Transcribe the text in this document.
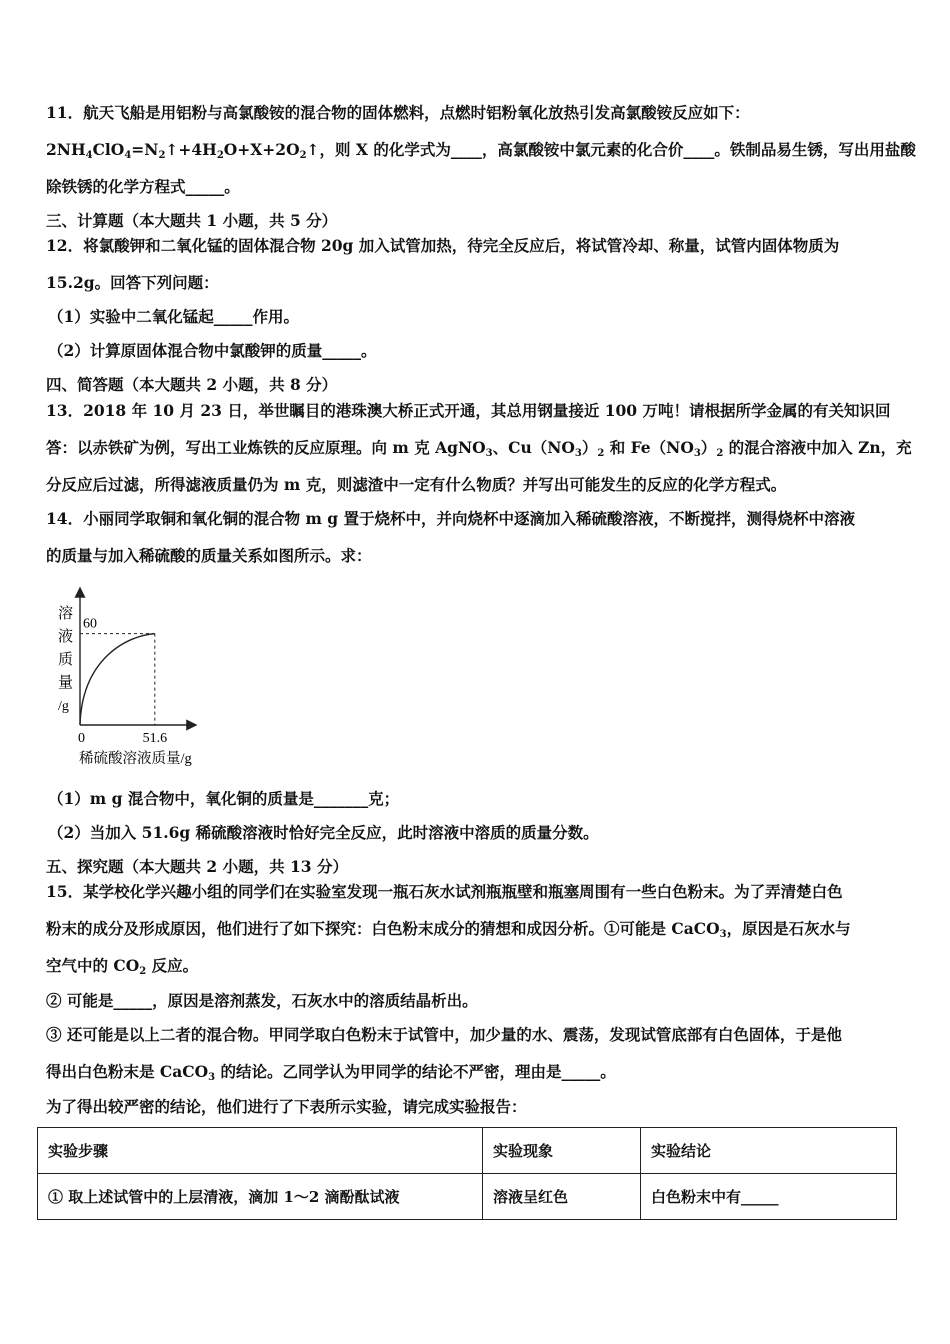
11．航天飞船是用铝粉与高氯酸铵的混合物的固体燃料，点燃时铝粉氧化放热引发高氯酸铵反应如下：
$2NH_4ClO_4=N_2↑+4H_2O+X+2O_2↑$，则 X 的化学式为____，高氯酸铵中氯元素的化合价____。铁制品易生锈，写出用盐酸
除铁锈的化学方程式_____。
三、计算题（本大题共 1 小题，共 5 分）
12．将氯酸钾和二氧化锰的固体混合物 20g 加入试管加热，待完全反应后，将试管冷却、称量，试管内固体物质为
15.2g。回答下列问题：
（1）实验中二氧化锰起_____作用。
（2）计算原固体混合物中氯酸钾的质量_____。
四、简答题（本大题共 2 小题，共 8 分）
13．2018 年 10 月 23 日，举世瞩目的港珠澳大桥正式开通，其总用钢量接近 100 万吨！请根据所学金属的有关知识回
答：以赤铁矿为例，写出工业炼铁的反应原理。向 m 克 AgNO$_3$、$Cu(NO_3)_2$ 和 $Fe(NO_3)_2$ 的混合溶液中加入 Zn，充
分反应后过滤，所得滤液质量仍为 m 克，则滤渣中一定有什么物质？并写出可能发生的反应的化学方程式。
14．小丽同学取铜和氧化铜的混合物 m g 置于烧杯中，并向烧杯中逐滴加入稀硫酸溶液，不断搅拌，测得烧杯中溶液
的质量与加入稀硫酸的质量关系如图所示。求：
溶
液
质
量
/g
60
0	51.6
稀硫酸溶液质量/g
（1）m g 混合物中，氧化铜的质量是_______克；
（2）当加入 51.6g 稀硫酸溶液时恰好完全反应，此时溶液中溶质的质量分数。
五、探究题（本大题共 2 小题，共 13 分）
15．某学校化学兴趣小组的同学们在实验室发现一瓶石灰水试剂瓶瓶壁和瓶塞周围有一些白色粉末。为了弄清楚白色
粉末的成分及形成原因，他们进行了如下探究：白色粉末成分的猜想和成因分析。①可能是 CaCO$_3$，原因是石灰水与
空气中的 $CO_2$ 反应。
② 可能是_____，原因是溶剂蒸发，石灰水中的溶质结晶析出。
③ 还可能是以上二者的混合物。甲同学取白色粉末于试管中，加少量的水、震荡，发现试管底部有白色固体，于是他
得出白色粉末是 CaCO$_3$ 的结论。乙同学认为甲同学的结论不严密，理由是_____。
为了得出较严密的结论，他们进行了下表所示实验，请完成实验报告：
实验步骤	实验现象	实验结论
① 取上述试管中的上层清液，滴加 1～2 滴酚酞试液	溶液呈红色	白色粉末中有_____
